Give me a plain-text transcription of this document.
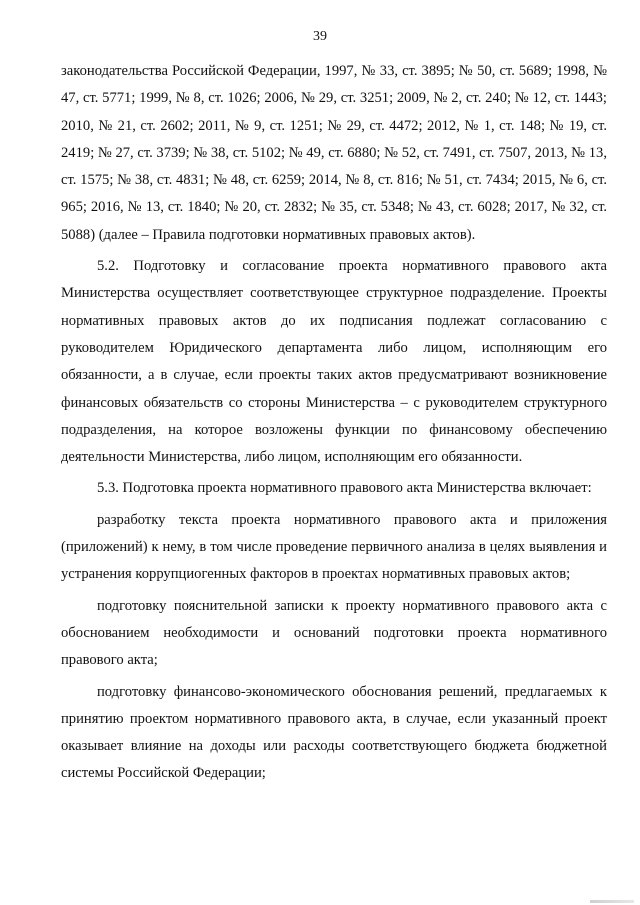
39

законодательства Российской Федерации, 1997, № 33, ст. 3895; № 50, ст. 5689; 1998, № 47, ст. 5771; 1999, № 8, ст. 1026; 2006, № 29, ст. 3251; 2009, № 2, ст. 240; № 12, ст. 1443; 2010, № 21, ст. 2602; 2011, № 9, ст. 1251; № 29, ст. 4472; 2012, № 1, ст. 148; № 19, ст. 2419; № 27, ст. 3739; № 38, ст. 5102; № 49, ст. 6880; № 52, ст. 7491, ст. 7507, 2013, № 13, ст. 1575; № 38, ст. 4831; № 48, ст. 6259; 2014, № 8, ст. 816; № 51, ст. 7434; 2015, № 6, ст. 965; 2016, № 13, ст. 1840; № 20, ст. 2832; № 35, ст. 5348; № 43, ст. 6028; 2017, № 32, ст. 5088) (далее – Правила подготовки нормативных правовых актов).

5.2. Подготовку и согласование проекта нормативного правового акта Министерства осуществляет соответствующее структурное подразделение. Проекты нормативных правовых актов до их подписания подлежат согласованию с руководителем Юридического департамента либо лицом, исполняющим его обязанности, а в случае, если проекты таких актов предусматривают возникновение финансовых обязательств со стороны Министерства – с руководителем структурного подразделения, на которое возложены функции по финансовому обеспечению деятельности Министерства, либо лицом, исполняющим его обязанности.

5.3. Подготовка проекта нормативного правового акта Министерства включает:

разработку текста проекта нормативного правового акта и приложения (приложений) к нему, в том числе проведение первичного анализа в целях выявления и устранения коррупциогенных факторов в проектах нормативных правовых актов;

подготовку пояснительной записки к проекту нормативного правового акта с обоснованием необходимости и оснований подготовки проекта нормативного правового акта;

подготовку финансово-экономического обоснования решений, предлагаемых к принятию проектом нормативного правового акта, в случае, если указанный проект оказывает влияние на доходы или расходы соответствующего бюджета бюджетной системы Российской Федерации;
